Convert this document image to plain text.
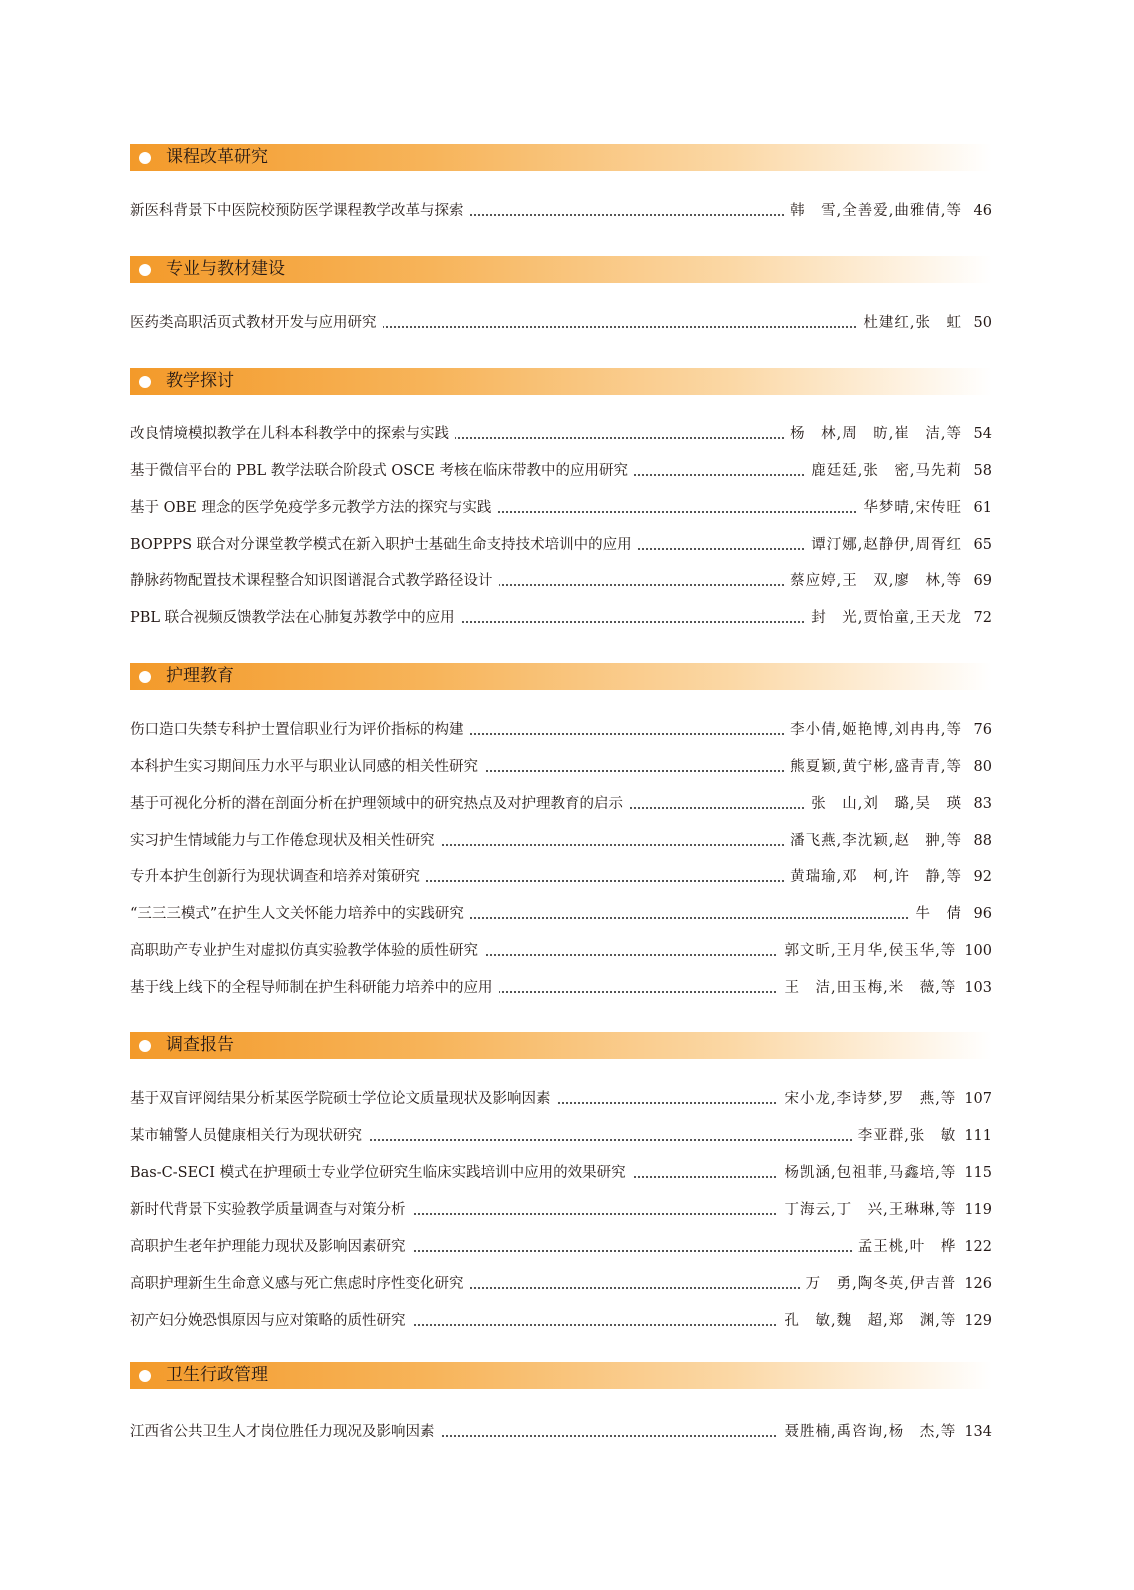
课程改革研究
新医科背景下中医院校预防医学课程教学改革与探索	韩　雪,全善爱,曲雅倩,等 46
专业与教材建设
医药类高职活页式教材开发与应用研究	杜建红,张　虹 50
教学探讨
改良情境模拟教学在儿科本科教学中的探索与实践	杨　林,周　昉,崔　洁,等 54
基于微信平台的 PBL 教学法联合阶段式 OSCE 考核在临床带教中的应用研究	鹿廷廷,张　密,马先莉 58
基于 OBE 理念的医学免疫学多元教学方法的探究与实践	华梦晴,宋传旺 61
BOPPPS 联合对分课堂教学模式在新入职护士基础生命支持技术培训中的应用	谭汀娜,赵静伊,周胥红 65
静脉药物配置技术课程整合知识图谱混合式教学路径设计	蔡应婷,王　双,廖　林,等 69
PBL 联合视频反馈教学法在心肺复苏教学中的应用	封　光,贾怡童,王天龙 72
护理教育
伤口造口失禁专科护士置信职业行为评价指标的构建	李小倩,姬艳博,刘冉冉,等 76
本科护生实习期间压力水平与职业认同感的相关性研究	熊夏颖,黄宁彬,盛青青,等 80
基于可视化分析的潜在剖面分析在护理领域中的研究热点及对护理教育的启示	张　山,刘　璐,吴　瑛 83
实习护生情域能力与工作倦怠现状及相关性研究	潘飞燕,李沈颖,赵　翀,等 88
专升本护生创新行为现状调查和培养对策研究	黄瑞瑜,邓　柯,许　静,等 92
“三三三模式”在护生人文关怀能力培养中的实践研究	牛　倩 96
高职助产专业护生对虚拟仿真实验教学体验的质性研究	郭文昕,王月华,侯玉华,等 100
基于线上线下的全程导师制在护生科研能力培养中的应用	王　洁,田玉梅,米　薇,等 103
调查报告
基于双盲评阅结果分析某医学院硕士学位论文质量现状及影响因素	宋小龙,李诗梦,罗　燕,等 107
某市辅警人员健康相关行为现状研究	李亚群,张　敏 111
Bas-C-SECI 模式在护理硕士专业学位研究生临床实践培训中应用的效果研究	杨凯涵,包祖菲,马鑫培,等 115
新时代背景下实验教学质量调查与对策分析	丁海云,丁　兴,王琳琳,等 119
高职护生老年护理能力现状及影响因素研究	孟王桃,叶　桦 122
高职护理新生生命意义感与死亡焦虑时序性变化研究	万　勇,陶冬英,伊吉普 126
初产妇分娩恐惧原因与应对策略的质性研究	孔　敏,魏　超,郑　渊,等 129
卫生行政管理
江西省公共卫生人才岗位胜任力现况及影响因素	聂胜楠,禹咨询,杨　杰,等 134
